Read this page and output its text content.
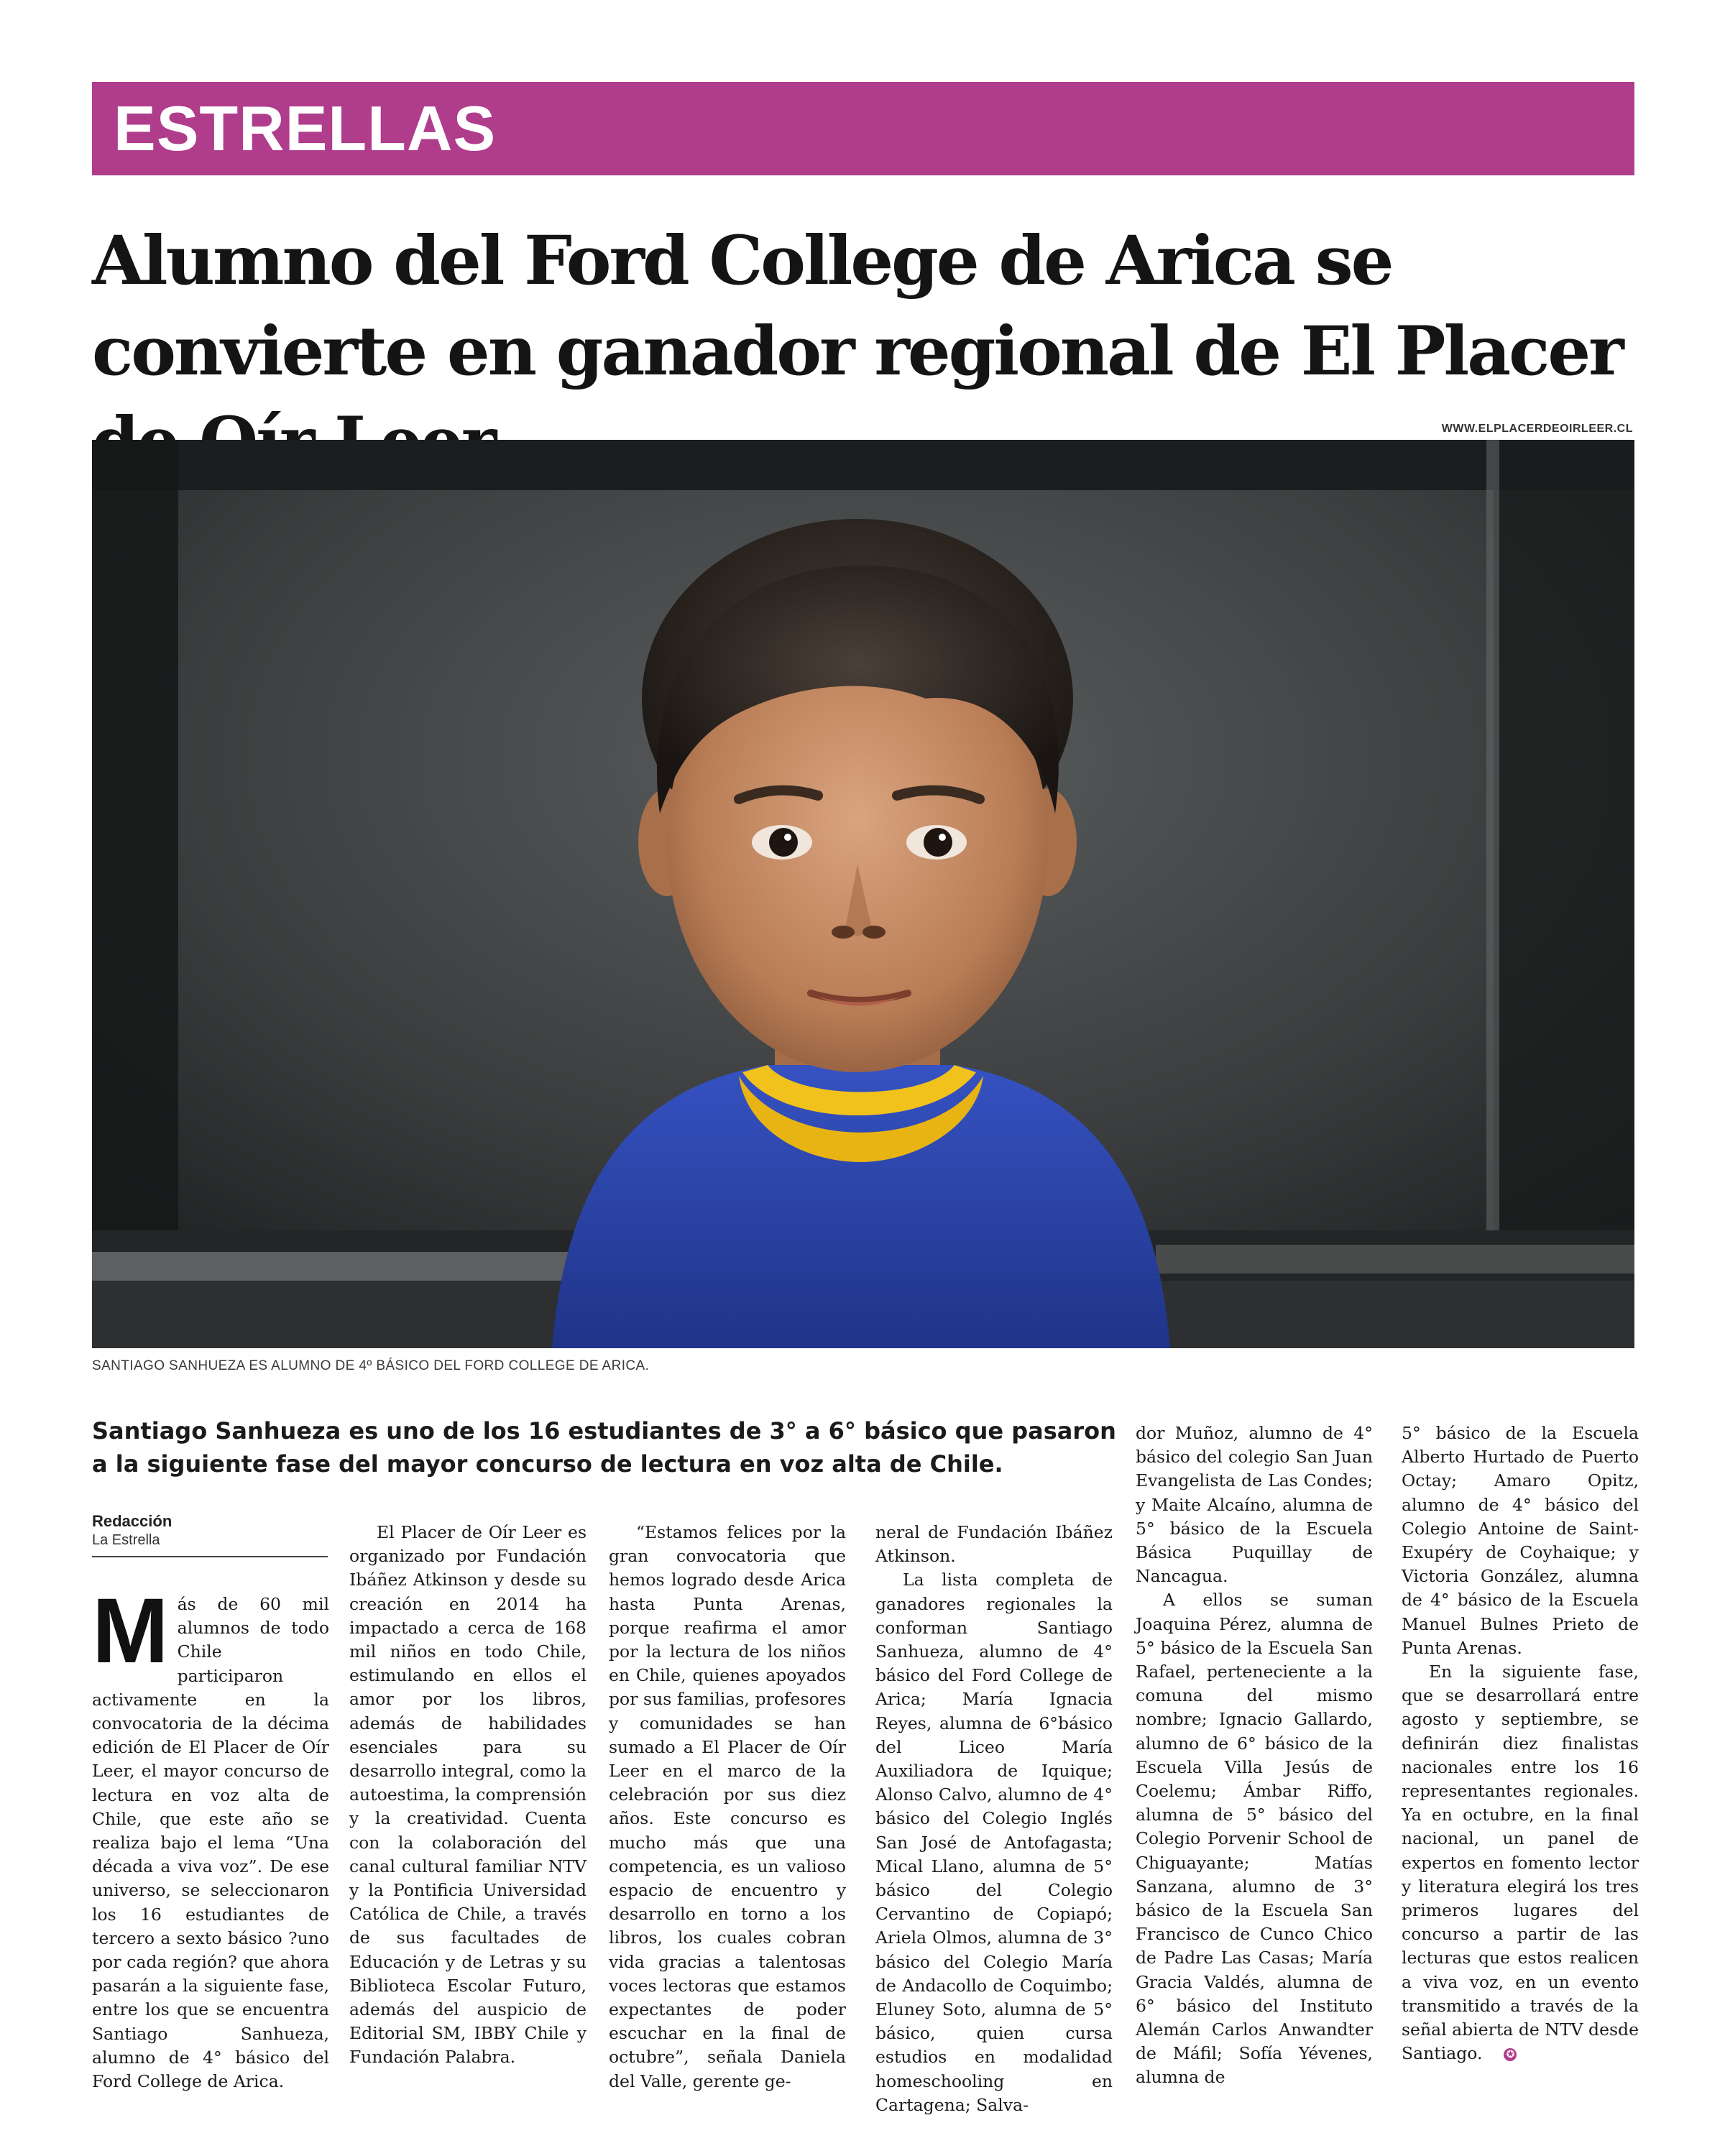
ESTRELLAS
Alumno del Ford College de Arica se convierte en ganador regional de El Placer
WWW.ELPLACERDEOIRLEER.CL
SANTIAGO SANHUEZA ES ALUMNO DE 4º BÁSICO DEL FORD COLLEGE DE ARICA.

Santiago Sanhueza es uno de los 16 estudiantes de 3° a 6° básico que pasaron a la siguiente fase del mayor concurso de lectura en voz alta de Chile.

Redacción
La Estrella

Más de 60 mil alumnos de todo Chile participaron activamente en la convocatoria de la décima edición de El Placer de Oír Leer, el mayor concurso de lectura en voz alta de Chile, que este año se realiza bajo el lema “Una década a viva voz”. De ese universo, se seleccionaron los 16 estudiantes de tercero a sexto básico ?uno por cada región? que ahora pasarán a la siguiente fase, entre los que se encuentra Santiago Sanhueza, alumno de 4° básico del Ford College de Arica.

El Placer de Oír Leer es organizado por Fundación Ibáñez Atkinson y desde su creación en 2014 ha impactado a cerca de 168 mil niños en todo Chile, estimulando en ellos el amor por los libros, además de habilidades esenciales para su desarrollo integral, como la autoestima, la comprensión y la creatividad. Cuenta con la colaboración del canal cultural familiar NTV y la Pontificia Universidad Católica de Chile, a través de sus facultades de Educación y de Letras y su Biblioteca Escolar Futuro, además del auspicio de Editorial SM, IBBY Chile y Fundación Palabra.

“Estamos felices por la gran convocatoria que hemos logrado desde Arica hasta Punta Arenas, porque reafirma el amor por la lectura de los niños en Chile, quienes apoyados por sus familias, profesores y comunidades se han sumado a El Placer de Oír Leer en el marco de la celebración por sus diez años. Este concurso es mucho más que una competencia, es un valioso espacio de encuentro y desarrollo en torno a los libros, los cuales cobran vida gracias a talentosas voces lectoras que estamos expectantes de poder escuchar en la final de octubre”, señala Daniela del Valle, gerente ge-

neral de Fundación Ibáñez Atkinson.

La lista completa de ganadores regionales la conforman Santiago Sanhueza, alumno de 4° básico del Ford College de Arica; María Ignacia Reyes, alumna de 6°básico del Liceo María Auxiliadora de Iquique; Alonso Calvo, alumno de 4° básico del Colegio Inglés San José de Antofagasta; Mical Llano, alumna de 5° básico del Colegio Cervantino de Copiapó; Ariela Olmos, alumna de 3° básico del Colegio María de Andacollo de Coquimbo; Eluney Soto, alumna de 5° básico, quien cursa estudios en modalidad homeschooling en Cartagena; Salva-

dor Muñoz, alumno de 4° básico del colegio San Juan Evangelista de Las Condes; y Maite Alcaíno, alumna de 5° básico de la Escuela Básica Puquillay de Nancagua.

A ellos se suman Joaquina Pérez, alumna de 5° básico de la Escuela San Rafael, perteneciente a la comuna del mismo nombre; Ignacio Gallardo, alumno de 6° básico de la Escuela Villa Jesús de Coelemu; Ámbar Riffo, alumna de 5° básico del Colegio Porvenir School de Chiguayante; Matías Sanzana, alumno de 3° básico de la Escuela San Francisco de Cunco Chico de Padre Las Casas; María Gracia Valdés, alumna de 6° básico del Instituto Alemán Carlos Anwandter de Máfil; Sofía Yévenes, alumna de

5° básico de la Escuela Alberto Hurtado de Puerto Octay; Amaro Opitz, alumno de 4° básico del Colegio Antoine de Saint-Exupéry de Coyhaique; y Victoria González, alumna de 4° básico de la Escuela Manuel Bulnes Prieto de Punta Arenas.

En la siguiente fase, que se desarrollará entre agosto y septiembre, se definirán diez finalistas nacionales entre los 16 representantes regionales. Ya en octubre, en la final nacional, un panel de expertos en fomento lector y literatura elegirá los tres primeros lugares del concurso a partir de las lecturas que estos realicen a viva voz, en un evento transmitido a través de la señal abierta de NTV desde Santiago. ✪
